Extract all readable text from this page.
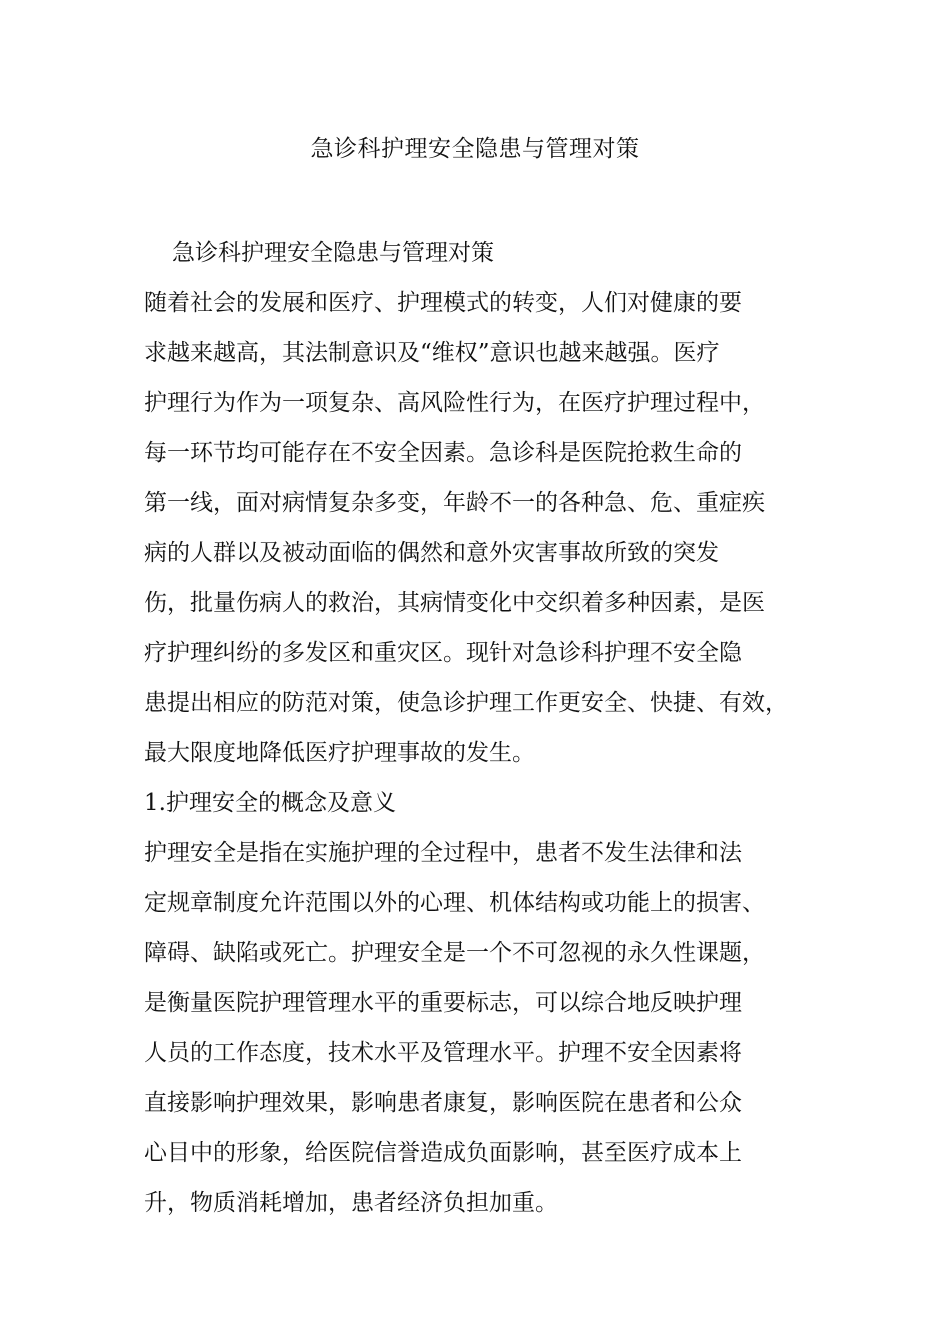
急诊科护理安全隐患与管理对策
急诊科护理安全隐患与管理对策
随着社会的发展和医疗、护理模式的转变，人们对健康的要
求越来越高，其法制意识及“维权”意识也越来越强。医疗
护理行为作为一项复杂、高风险性行为，在医疗护理过程中，
每一环节均可能存在不安全因素。急诊科是医院抢救生命的
第一线，面对病情复杂多变，年龄不一的各种急、危、重症疾
病的人群以及被动面临的偶然和意外灾害事故所致的突发
伤，批量伤病人的救治，其病情变化中交织着多种因素，是医
疗护理纠纷的多发区和重灾区。现针对急诊科护理不安全隐
患提出相应的防范对策，使急诊护理工作更安全、快捷、有效，
最大限度地降低医疗护理事故的发生。
1.护理安全的概念及意义
护理安全是指在实施护理的全过程中，患者不发生法律和法
定规章制度允许范围以外的心理、机体结构或功能上的损害、
障碍、缺陷或死亡。护理安全是一个不可忽视的永久性课题，
是衡量医院护理管理水平的重要标志，可以综合地反映护理
人员的工作态度，技术水平及管理水平。护理不安全因素将
直接影响护理效果，影响患者康复，影响医院在患者和公众
心目中的形象，给医院信誉造成负面影响，甚至医疗成本上
升，物质消耗增加，患者经济负担加重。
